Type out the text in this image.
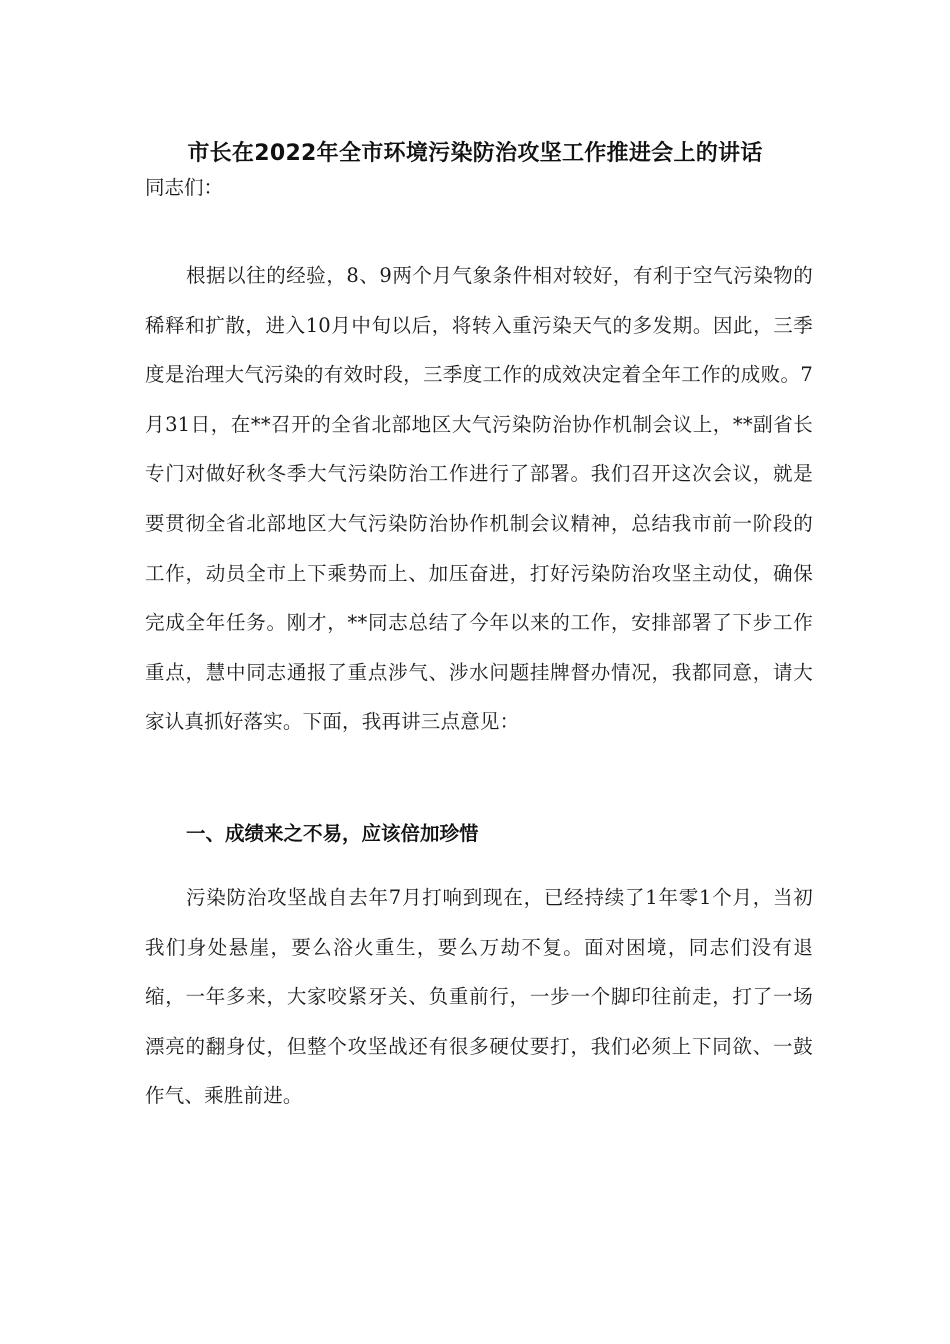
市长在2022年全市环境污染防治攻坚工作推进会上的讲话
同志们：

根据以往的经验，8、9两个月气象条件相对较好，有利于空气污染物的稀释和扩散，进入10月中旬以后，将转入重污染天气的多发期。因此，三季度是治理大气污染的有效时段，三季度工作的成效决定着全年工作的成败。7月31日，在**召开的全省北部地区大气污染防治协作机制会议上，**副省长专门对做好秋冬季大气污染防治工作进行了部署。我们召开这次会议，就是要贯彻全省北部地区大气污染防治协作机制会议精神，总结我市前一阶段的工作，动员全市上下乘势而上、加压奋进，打好污染防治攻坚主动仗，确保完成全年任务。刚才，**同志总结了今年以来的工作，安排部署了下步工作重点，慧中同志通报了重点涉气、涉水问题挂牌督办情况，我都同意，请大家认真抓好落实。下面，我再讲三点意见：

一、成绩来之不易，应该倍加珍惜

污染防治攻坚战自去年7月打响到现在，已经持续了1年零1个月，当初我们身处悬崖，要么浴火重生，要么万劫不复。面对困境，同志们没有退缩，一年多来，大家咬紧牙关、负重前行，一步一个脚印往前走，打了一场漂亮的翻身仗，但整个攻坚战还有很多硬仗要打，我们必须上下同欲、一鼓作气、乘胜前进。
